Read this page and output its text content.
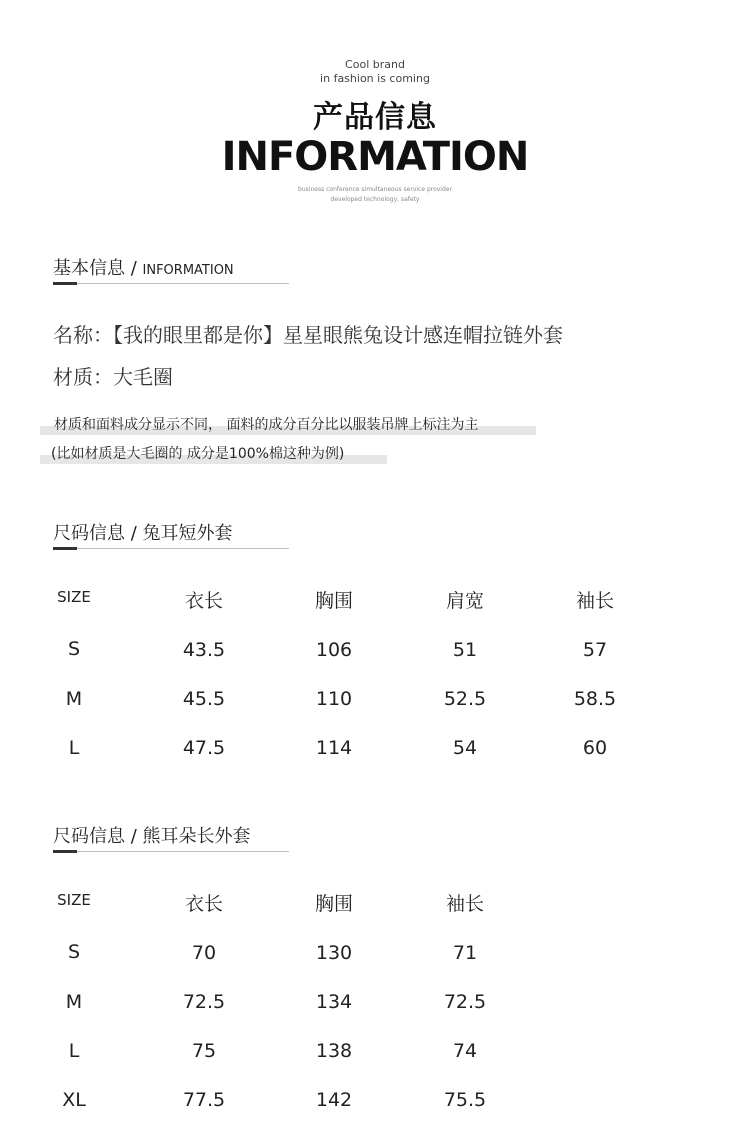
Cool brand
in fashion is coming
产品信息
INFORMATION
business conference simultaneous service provider
developed technology, safety
基本信息 / INFORMATION
名称：【我的眼里都是你】星星眼熊兔设计感连帽拉链外套
材质：大毛圈
材质和面料成分显示不同， 面料的成分百分比以服装吊牌上标注为主
(比如材质是大毛圈的 成分是100%棉这种为例)
尺码信息 / 兔耳短外套
SIZE	衣长	胸围	肩宽	袖长
S	43.5	106	51	57
M	45.5	110	52.5	58.5
L	47.5	114	54	60
尺码信息 / 熊耳朵长外套
SIZE	衣长	胸围	袖长
S	70	130	71
M	72.5	134	72.5
L	75	138	74
XL	77.5	142	75.5
